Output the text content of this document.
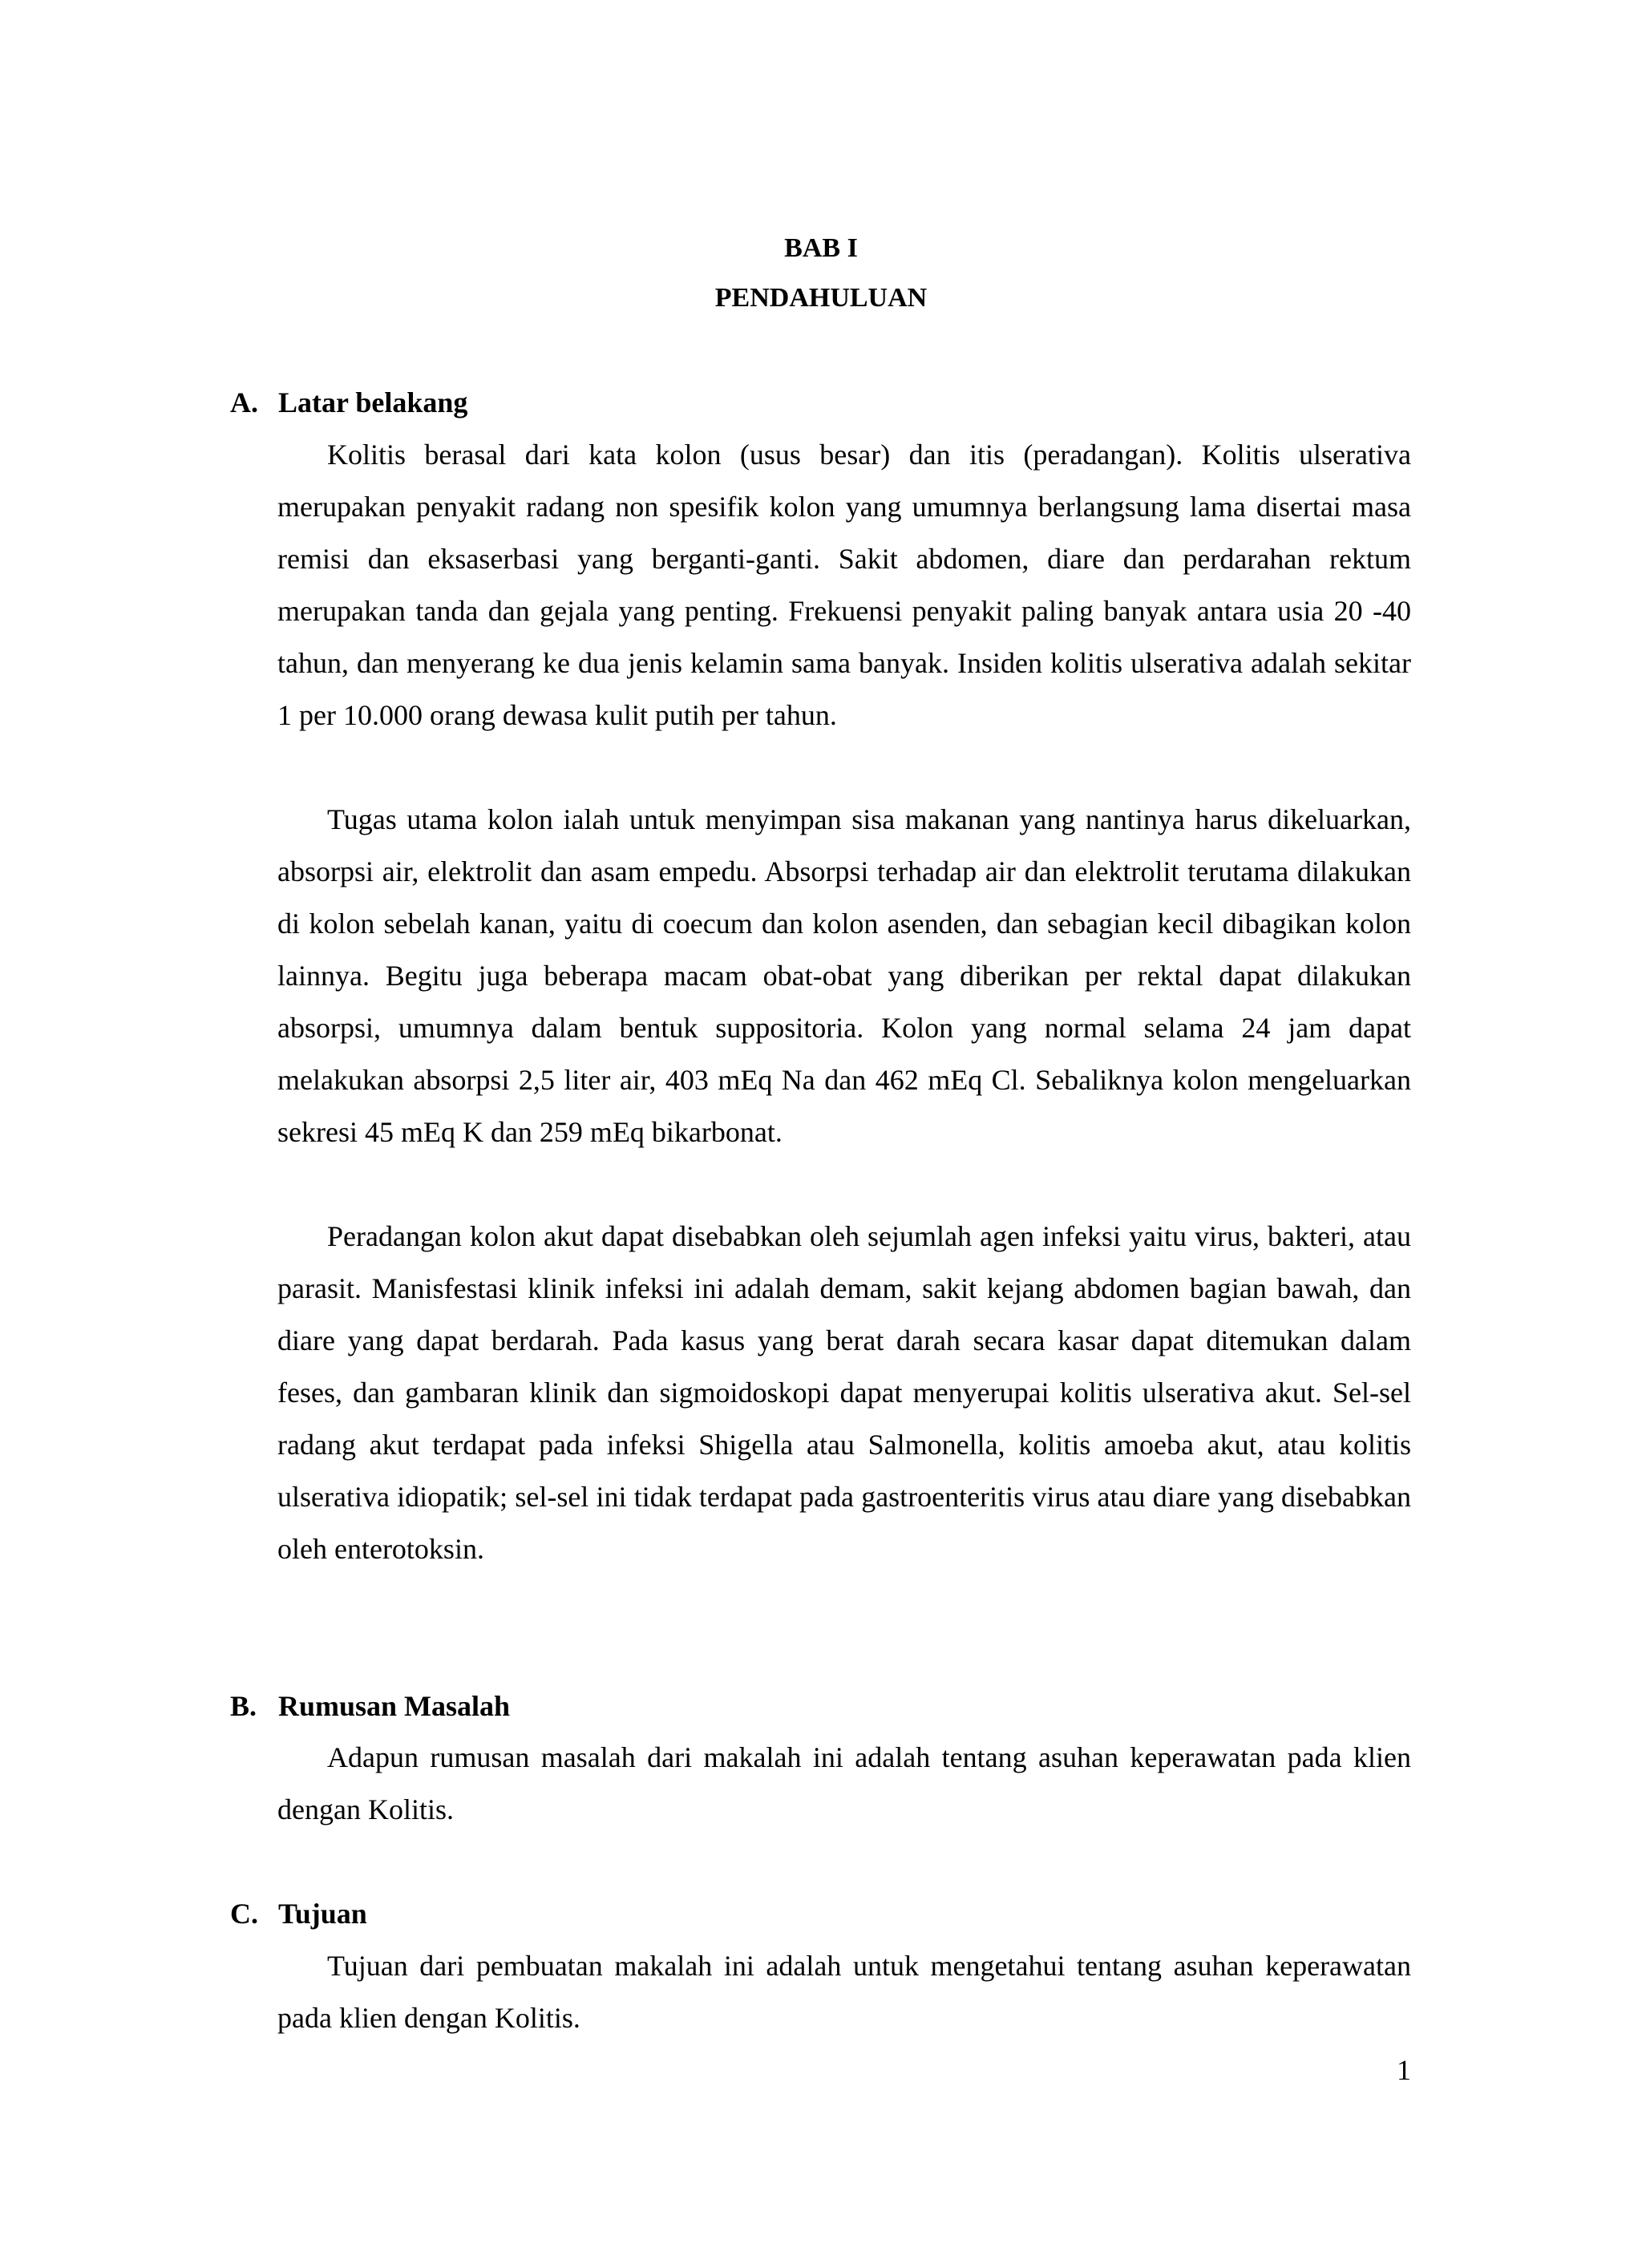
BAB I

PENDAHULUAN

A. Latar belakang

Kolitis berasal dari kata kolon (usus besar) dan itis (peradangan). Kolitis ulserativa merupakan penyakit radang non spesifik kolon yang umumnya berlangsung lama disertai masa remisi dan eksaserbasi yang berganti-ganti. Sakit abdomen, diare dan perdarahan rektum merupakan tanda dan gejala yang penting. Frekuensi penyakit paling banyak antara usia 20 -40 tahun, dan menyerang ke dua jenis kelamin sama banyak. Insiden kolitis ulserativa adalah sekitar 1 per 10.000 orang dewasa kulit putih per tahun.

Tugas utama kolon ialah untuk menyimpan sisa makanan yang nantinya harus dikeluarkan, absorpsi air, elektrolit dan asam empedu. Absorpsi terhadap air dan elektrolit terutama dilakukan di kolon sebelah kanan, yaitu di coecum dan kolon asenden, dan sebagian kecil dibagikan kolon lainnya. Begitu juga beberapa macam obat-obat yang diberikan per rektal dapat dilakukan absorpsi, umumnya dalam bentuk suppositoria. Kolon yang normal selama 24 jam dapat melakukan absorpsi 2,5 liter air, 403 mEq Na dan 462 mEq Cl. Sebaliknya kolon mengeluarkan sekresi 45 mEq K dan 259 mEq bikarbonat.

Peradangan kolon akut dapat disebabkan oleh sejumlah agen infeksi yaitu virus, bakteri, atau parasit. Manisfestasi klinik infeksi ini adalah demam, sakit kejang abdomen bagian bawah, dan diare yang dapat berdarah. Pada kasus yang berat darah secara kasar dapat ditemukan dalam feses, dan gambaran klinik dan sigmoidoskopi dapat menyerupai kolitis ulserativa akut. Sel-sel radang akut terdapat pada infeksi Shigella atau Salmonella, kolitis amoeba akut, atau kolitis ulserativa idiopatik; sel-sel ini tidak terdapat pada gastroenteritis virus atau diare yang disebabkan oleh enterotoksin.

B. Rumusan Masalah

Adapun rumusan masalah dari makalah ini adalah tentang asuhan keperawatan pada klien dengan Kolitis.

C. Tujuan

Tujuan dari pembuatan makalah ini adalah untuk mengetahui tentang asuhan keperawatan pada klien dengan Kolitis.

1
